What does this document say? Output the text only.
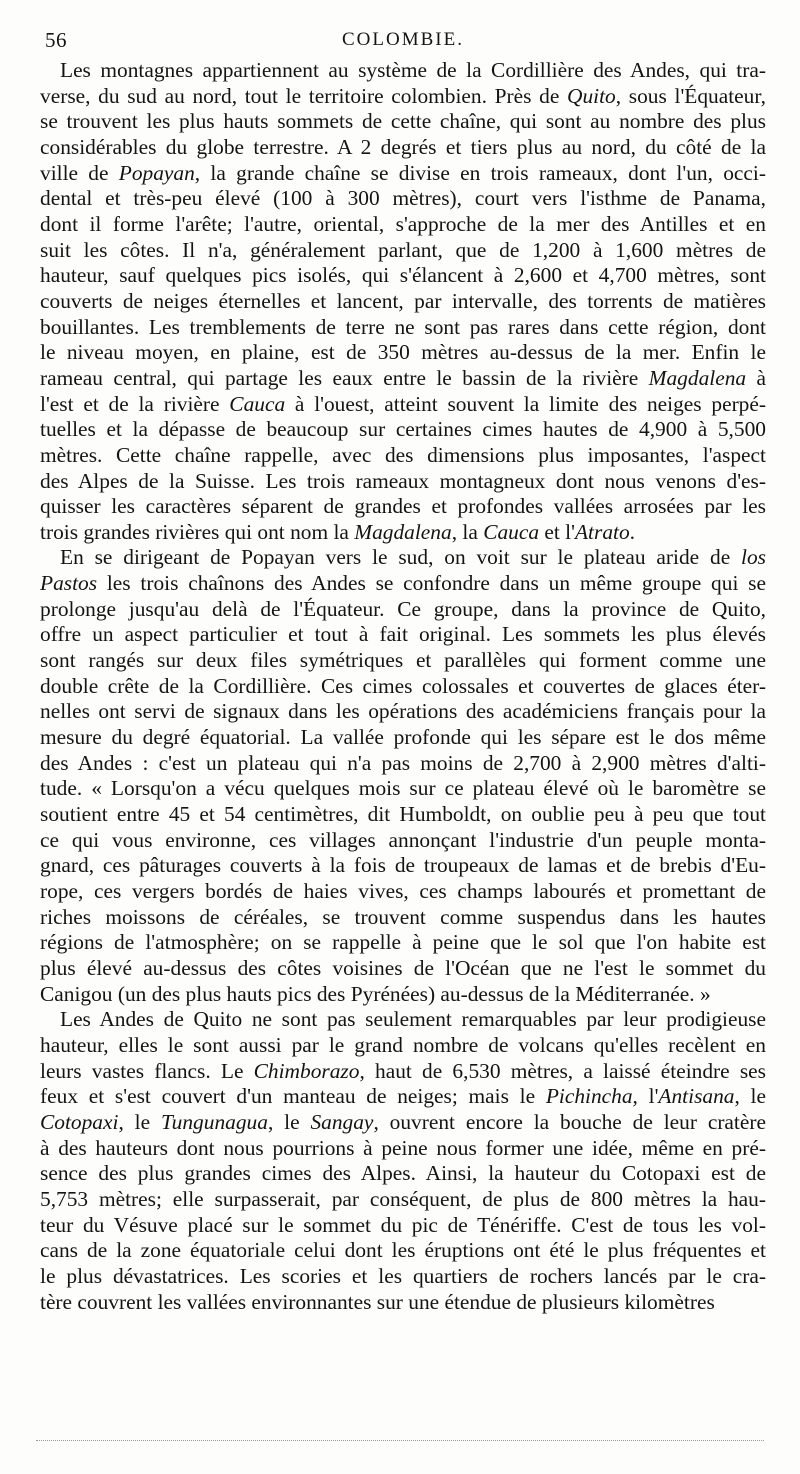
56	COLOMBIE.
Les montagnes appartiennent au système de la Cordillière des Andes, qui tra-
verse, du sud au nord, tout le territoire colombien. Près de Quito, sous l'Équateur,
se trouvent les plus hauts sommets de cette chaîne, qui sont au nombre des plus
considérables du globe terrestre. A 2 degrés et tiers plus au nord, du côté de la
ville de Popayan, la grande chaîne se divise en trois rameaux, dont l'un, occi-
dental et très-peu élevé (100 à 300 mètres), court vers l'isthme de Panama,
dont il forme l'arête; l'autre, oriental, s'approche de la mer des Antilles et en
suit les côtes. Il n'a, généralement parlant, que de 1,200 à 1,600 mètres de
hauteur, sauf quelques pics isolés, qui s'élancent à 2,600 et 4,700 mètres, sont
couverts de neiges éternelles et lancent, par intervalle, des torrents de matières
bouillantes. Les tremblements de terre ne sont pas rares dans cette région, dont
le niveau moyen, en plaine, est de 350 mètres au-dessus de la mer. Enfin le
rameau central, qui partage les eaux entre le bassin de la rivière Magdalena à
l'est et de la rivière Cauca à l'ouest, atteint souvent la limite des neiges perpé-
tuelles et la dépasse de beaucoup sur certaines cimes hautes de 4,900 à 5,500
mètres. Cette chaîne rappelle, avec des dimensions plus imposantes, l'aspect
des Alpes de la Suisse. Les trois rameaux montagneux dont nous venons d'es-
quisser les caractères séparent de grandes et profondes vallées arrosées par les
trois grandes rivières qui ont nom la Magdalena, la Cauca et l'Atrato.
En se dirigeant de Popayan vers le sud, on voit sur le plateau aride de los
Pastos les trois chaînons des Andes se confondre dans un même groupe qui se
prolonge jusqu'au delà de l'Équateur. Ce groupe, dans la province de Quito,
offre un aspect particulier et tout à fait original. Les sommets les plus élevés
sont rangés sur deux files symétriques et parallèles qui forment comme une
double crête de la Cordillière. Ces cimes colossales et couvertes de glaces éter-
nelles ont servi de signaux dans les opérations des académiciens français pour la
mesure du degré équatorial. La vallée profonde qui les sépare est le dos même
des Andes : c'est un plateau qui n'a pas moins de 2,700 à 2,900 mètres d'alti-
tude. « Lorsqu'on a vécu quelques mois sur ce plateau élevé où le baromètre se
soutient entre 45 et 54 centimètres, dit Humboldt, on oublie peu à peu que tout
ce qui vous environne, ces villages annonçant l'industrie d'un peuple monta-
gnard, ces pâturages couverts à la fois de troupeaux de lamas et de brebis d'Eu-
rope, ces vergers bordés de haies vives, ces champs labourés et promettant de
riches moissons de céréales, se trouvent comme suspendus dans les hautes
régions de l'atmosphère; on se rappelle à peine que le sol que l'on habite est
plus élevé au-dessus des côtes voisines de l'Océan que ne l'est le sommet du
Canigou (un des plus hauts pics des Pyrénées) au-dessus de la Méditerranée. »
Les Andes de Quito ne sont pas seulement remarquables par leur prodigieuse
hauteur, elles le sont aussi par le grand nombre de volcans qu'elles recèlent en
leurs vastes flancs. Le Chimborazo, haut de 6,530 mètres, a laissé éteindre ses
feux et s'est couvert d'un manteau de neiges; mais le Pichincha, l'Antisana, le
Cotopaxi, le Tungunagua, le Sangay, ouvrent encore la bouche de leur cratère
à des hauteurs dont nous pourrions à peine nous former une idée, même en pré-
sence des plus grandes cimes des Alpes. Ainsi, la hauteur du Cotopaxi est de
5,753 mètres; elle surpasserait, par conséquent, de plus de 800 mètres la hau-
teur du Vésuve placé sur le sommet du pic de Ténériffe. C'est de tous les vol-
cans de la zone équatoriale celui dont les éruptions ont été le plus fréquentes et
le plus dévastatrices. Les scories et les quartiers de rochers lancés par le cra-
tère couvrent les vallées environnantes sur une étendue de plusieurs kilomètres
